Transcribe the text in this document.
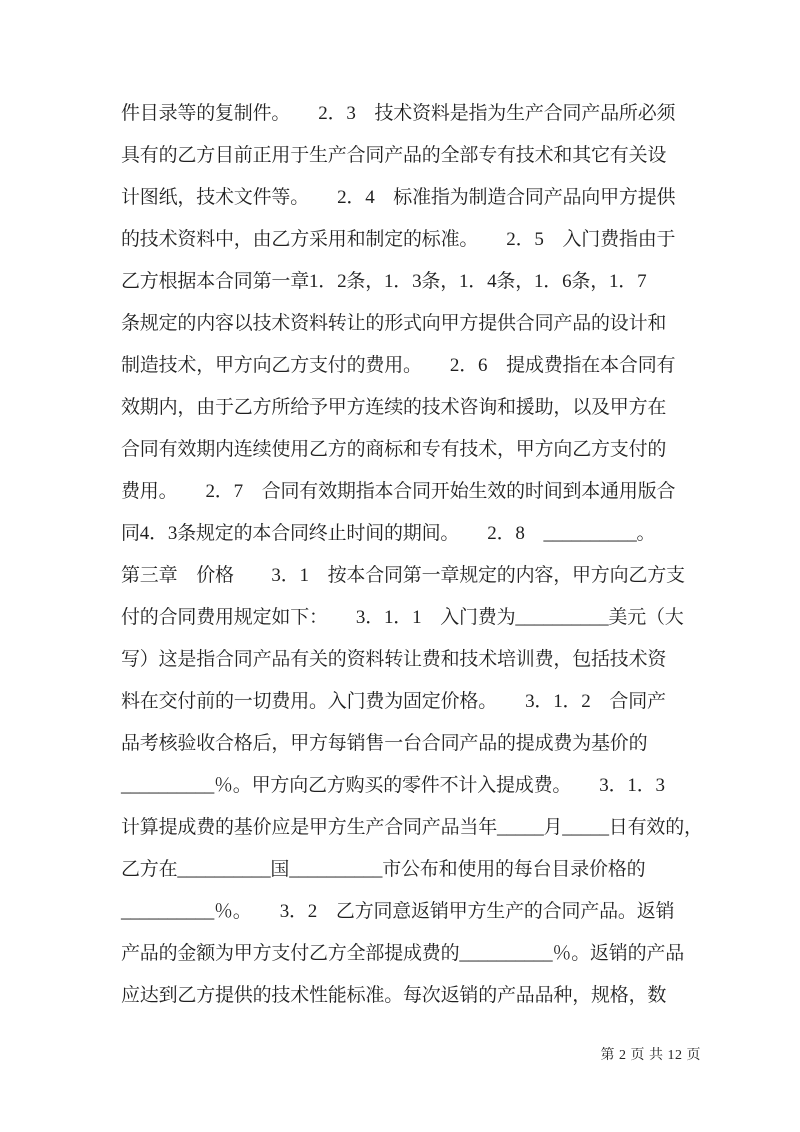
件目录等的复制件。　　2．3　技术资料是指为生产合同产品所必须
具有的乙方目前正用于生产合同产品的全部专有技术和其它有关设
计图纸，技术文件等。　　2．4　标准指为制造合同产品向甲方提供
的技术资料中，由乙方采用和制定的标准。　　2．5　入门费指由于
乙方根据本合同第一章1．2条，1．3条，1．4条，1．6条，1．7
条规定的内容以技术资料转让的形式向甲方提供合同产品的设计和
制造技术，甲方向乙方支付的费用。　　2．6　提成费指在本合同有
效期内，由于乙方所给予甲方连续的技术咨询和援助，以及甲方在
合同有效期内连续使用乙方的商标和专有技术，甲方向乙方支付的
费用。　　2．7　合同有效期指本合同开始生效的时间到本通用版合
同4．3条规定的本合同终止时间的期间。　　2．8　__________。
第三章　价格　　3．1　按本合同第一章规定的内容，甲方向乙方支
付的合同费用规定如下：　　3．1．1　入门费为__________美元（大
写）这是指合同产品有关的资料转让费和技术培训费，包括技术资
料在交付前的一切费用。入门费为固定价格。　　3．1．2　合同产
品考核验收合格后，甲方每销售一台合同产品的提成费为基价的
__________％。甲方向乙方购买的零件不计入提成费。　　3．1．3
计算提成费的基价应是甲方生产合同产品当年_____月_____日有效的，
乙方在__________国__________市公布和使用的每台目录价格的
__________％。　　3．2　乙方同意返销甲方生产的合同产品。返销
产品的金额为甲方支付乙方全部提成费的__________％。返销的产品
应达到乙方提供的技术性能标准。每次返销的产品品种，规格，数
第 2 页 共 12 页
